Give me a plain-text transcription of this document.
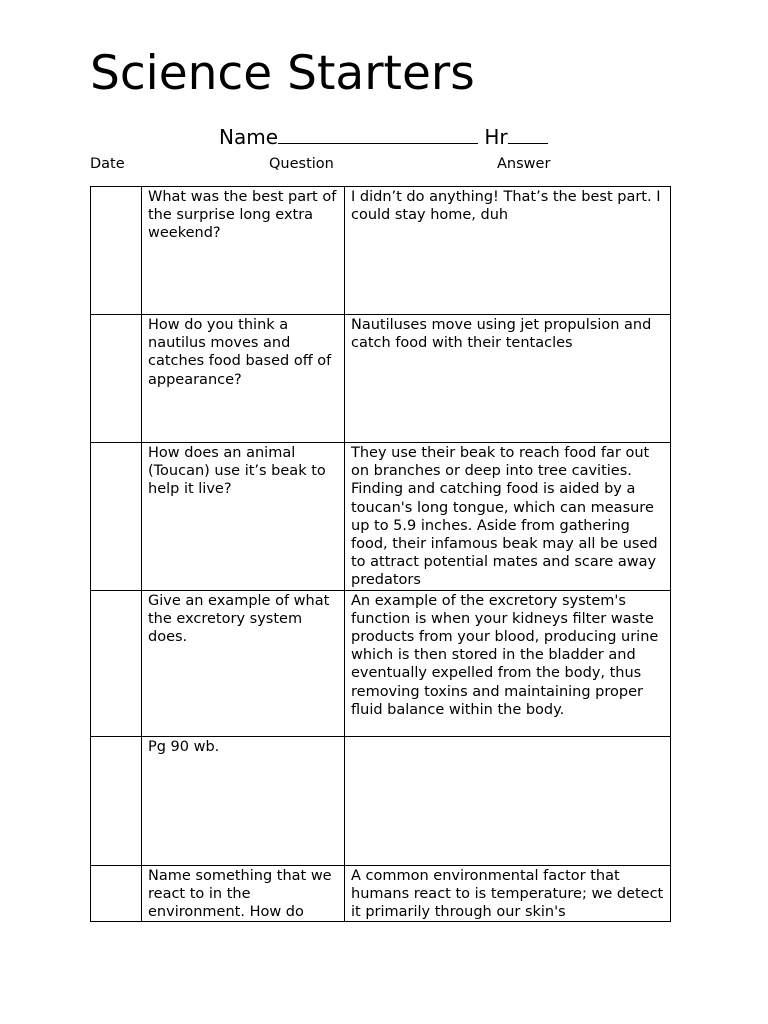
Science Starters
Name	Hr
Date	Question	Answer

	What was the best part of the surprise long extra weekend?	I didn’t do anything! That’s the best part. I could stay home, duh

	How do you think a nautilus moves and catches food based off of appearance?	Nautiluses move using jet propulsion and catch food with their tentacles

	How does an animal (Toucan) use it’s beak to help it live?	They use their beak to reach food far out on branches or deep into tree cavities. Finding and catching food is aided by a toucan's long tongue, which can measure up to 5.9 inches. Aside from gathering food, their infamous beak may all be used to attract potential mates and scare away predators

	Give an example of what the excretory system does.	An example of the excretory system's function is when your kidneys filter waste products from your blood, producing urine which is then stored in the bladder and eventually expelled from the body, thus removing toxins and maintaining proper fluid balance within the body.

	Pg 90 wb.	

	Name something that we react to in the environment. How do	A common environmental factor that humans react to is temperature; we detect it primarily through our skin's
